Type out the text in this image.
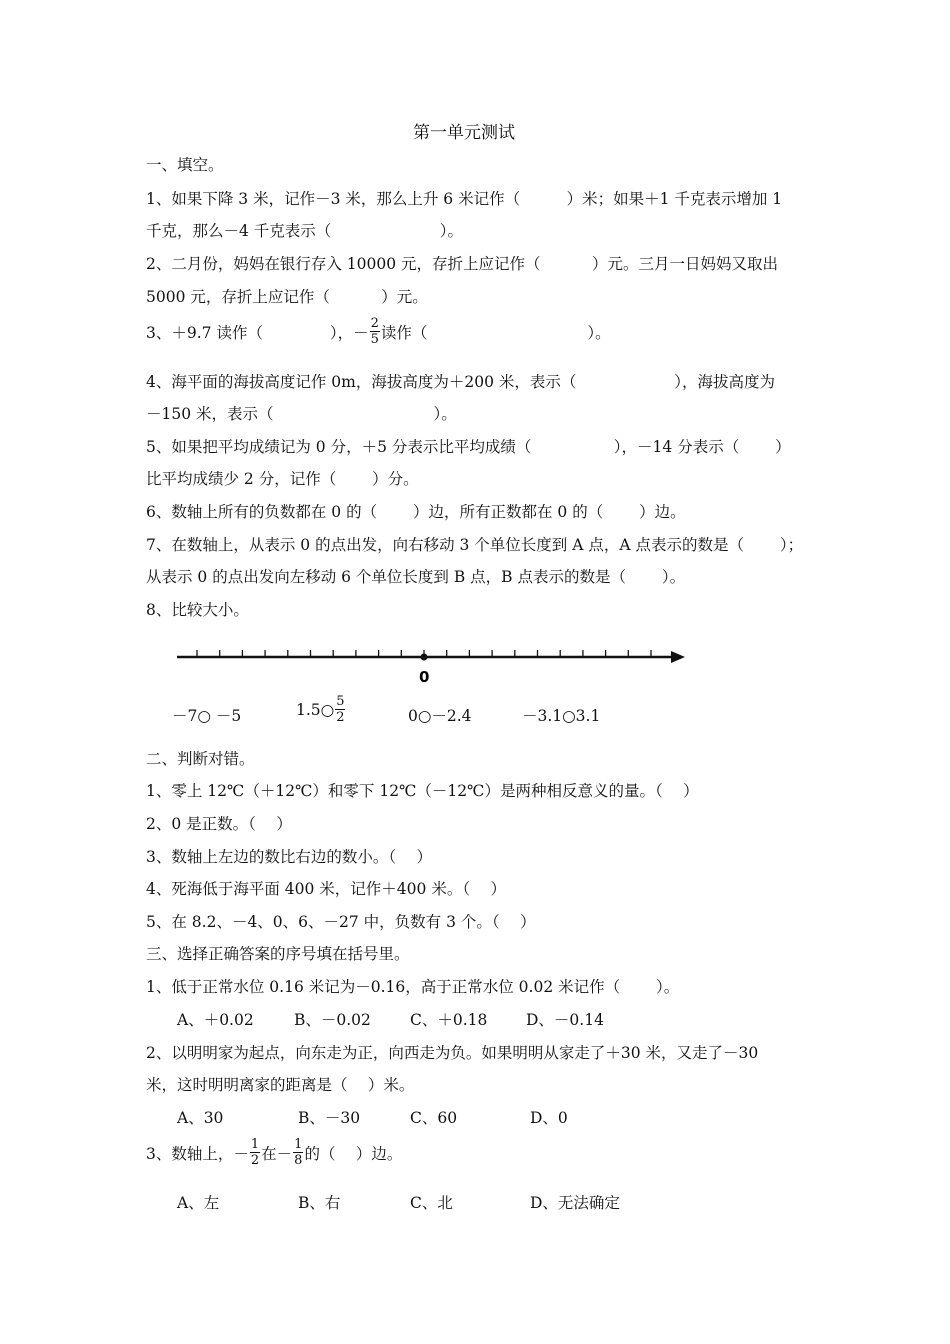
第一单元测试
一、填空。
1、如果下降 3 米，记作－3 米，那么上升 6 米记作（　　　）米；如果＋1 千克表示增加 1
千克，那么－4 千克表示（　　　　　　　）。
2、二月份，妈妈在银行存入 10000 元，存折上应记作（　　　 ）元。三月一日妈妈又取出
5000 元，存折上应记作（　　　 ）元。
3、＋9.7 读作（　　　　 ），－ $\frac{2}{5}$ 读作（　　　　　　　　　　 ）。
4、海平面的海拔高度记作 0m，海拔高度为＋200 米，表示（　　　　　　 ），海拔高度为
－150 米，表示（　　　　　　　　　　 ）。
5、如果把平均成绩记为 0 分，＋5 分表示比平均成绩（　　　　　 ），－14 分表示（　　 ）
比平均成绩少 2 分，记作（　　 ）分。
6、数轴上所有的负数都在 0 的（　　 ）边，所有正数都在 0 的（　　 ）边。
7、在数轴上，从表示 0 的点出发，向右移动 3 个单位长度到 A 点，A 点表示的数是（　　 ）；
从表示 0 的点出发向左移动 6 个单位长度到 B 点，B 点表示的数是（　　 ）。
8、比较大小。
0
－7○ －5	1.5○ $\frac{5}{2}$	0○－2.4	－3.1○3.1
二、判断对错。
1、零上 12℃（＋12℃）和零下 12℃（－12℃）是两种相反意义的量。（　 ）
2、0 是正数。（　 ）
3、数轴上左边的数比右边的数小。（　 ）
4、死海低于海平面 400 米，记作＋400 米。（　 ）
5、在 8.2、－4、0、6、－27 中，负数有 3 个。（　 ）
三、选择正确答案的序号填在括号里。
1、低于正常水位 0.16 米记为－0.16，高于正常水位 0.02 米记作（　　 ）。
A、＋0.02	B、－0.02	C、＋0.18 D、－0.14
2、以明明家为起点，向东走为正，向西走为负。如果明明从家走了＋30 米，又走了－30
米，这时明明离家的距离是（　 ）米。
A、30	B、－30	C、60	D、0
3、数轴上，－ $\frac{1}{2}$ 在－ $\frac{1}{8}$ 的（　 ）边。
A、左	B、右	C、北	D、无法确定
